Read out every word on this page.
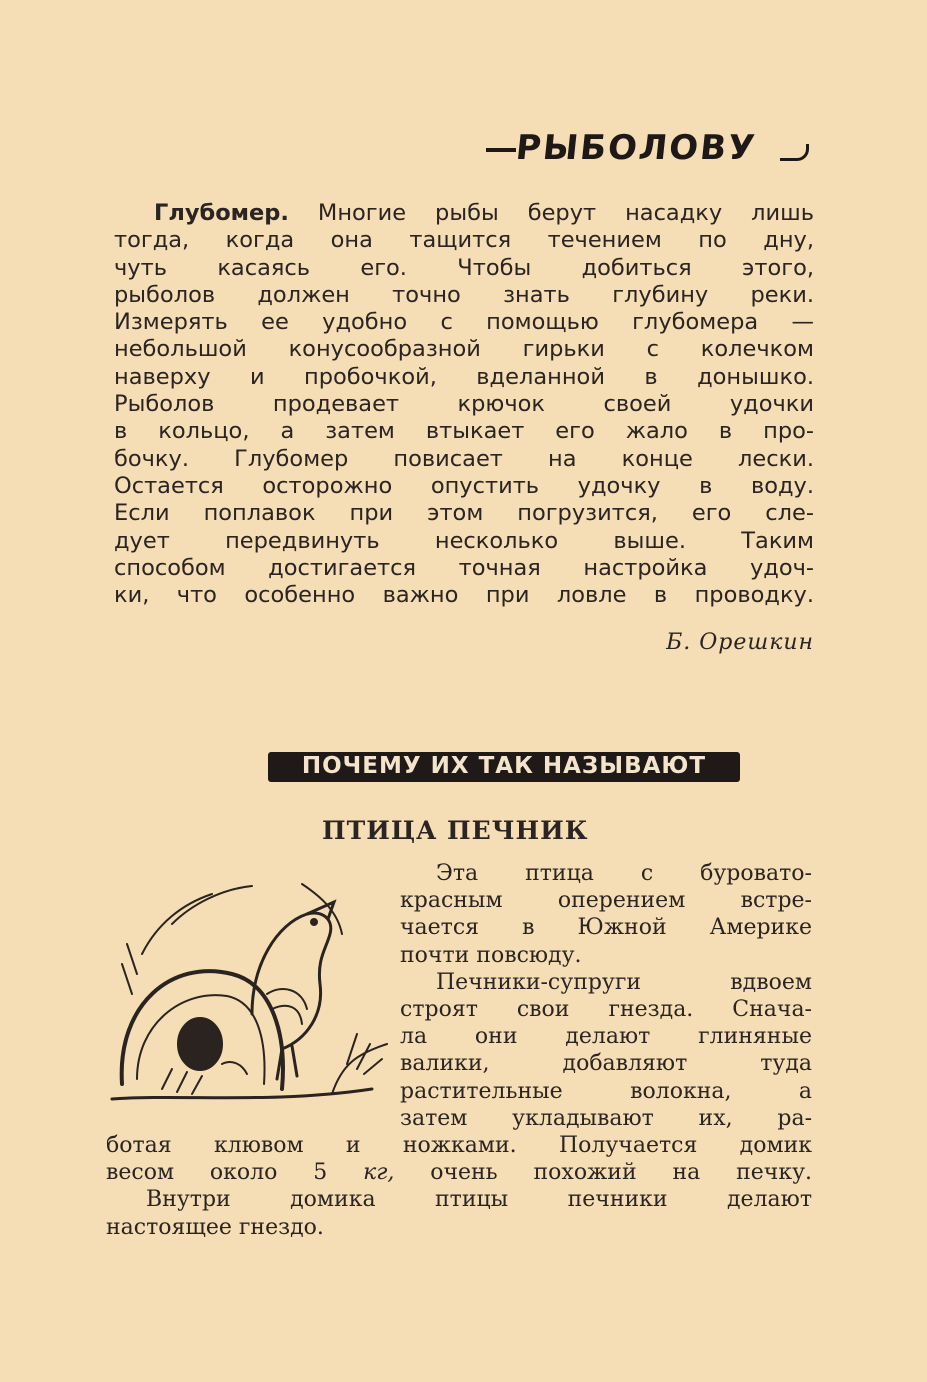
РЫБОЛОВУ
Глубомер. Многие рыбы берут насадку лишь
тогда, когда она тащится течением по дну,
чуть касаясь его. Чтобы добиться этого,
рыболов должен точно знать глубину реки.
Измерять ее удобно с помощью глубомера —
небольшой конусообразной гирьки с колечком
наверху и пробочкой, вделанной в донышко.
Рыболов продевает крючок своей удочки
в кольцо, а затем втыкает его жало в про-
бочку. Глубомер повисает на конце лески.
Остается осторожно опустить удочку в воду.
Если поплавок при этом погрузится, его сле-
дует передвинуть несколько выше. Таким
способом достигается точная настройка удоч-
ки, что особенно важно при ловле в проводку.
Б. Орешкин
ПОЧЕМУ ИХ ТАК НАЗЫВАЮТ
ПТИЦА ПЕЧНИК
Эта птица с буровато-
красным оперением встре-
чается в Южной Америке
почти повсюду.
Печники-супруги вдвоем
строят свои гнезда. Снача-
ла они делают глиняные
валики, добавляют туда
растительные волокна, а
затем укладывают их, ра-
ботая клювом и ножками. Получается домик
весом около 5 кг, очень похожий на печку.
Внутри домика птицы печники делают
настоящее гнездо.
